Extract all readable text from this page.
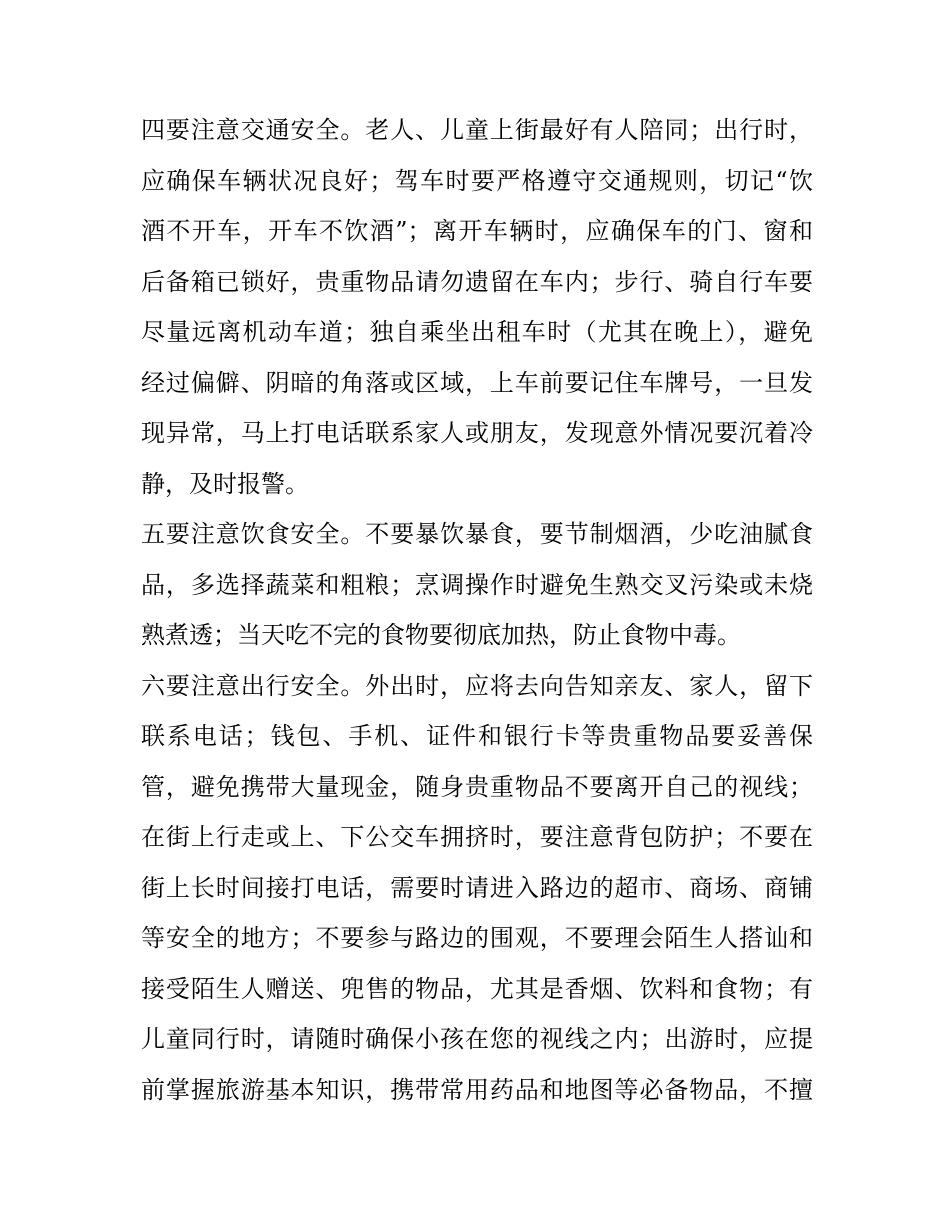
四要注意交通安全。老人、儿童上街最好有人陪同；出行时，
应确保车辆状况良好；驾车时要严格遵守交通规则，切记“饮
酒不开车，开车不饮酒”；离开车辆时，应确保车的门、窗和
后备箱已锁好，贵重物品请勿遗留在车内；步行、骑自行车要
尽量远离机动车道；独自乘坐出租车时（尤其在晚上），避免
经过偏僻、阴暗的角落或区域，上车前要记住车牌号，一旦发
现异常，马上打电话联系家人或朋友，发现意外情况要沉着冷
静，及时报警。
五要注意饮食安全。不要暴饮暴食，要节制烟酒，少吃油腻食
品，多选择蔬菜和粗粮；烹调操作时避免生熟交叉污染或未烧
熟煮透；当天吃不完的食物要彻底加热，防止食物中毒。
六要注意出行安全。外出时，应将去向告知亲友、家人，留下
联系电话；钱包、手机、证件和银行卡等贵重物品要妥善保
管，避免携带大量现金，随身贵重物品不要离开自己的视线；
在街上行走或上、下公交车拥挤时，要注意背包防护；不要在
街上长时间接打电话，需要时请进入路边的超市、商场、商铺
等安全的地方；不要参与路边的围观，不要理会陌生人搭讪和
接受陌生人赠送、兜售的物品，尤其是香烟、饮料和食物；有
儿童同行时，请随时确保小孩在您的视线之内；出游时，应提
前掌握旅游基本知识，携带常用药品和地图等必备物品，不擅
